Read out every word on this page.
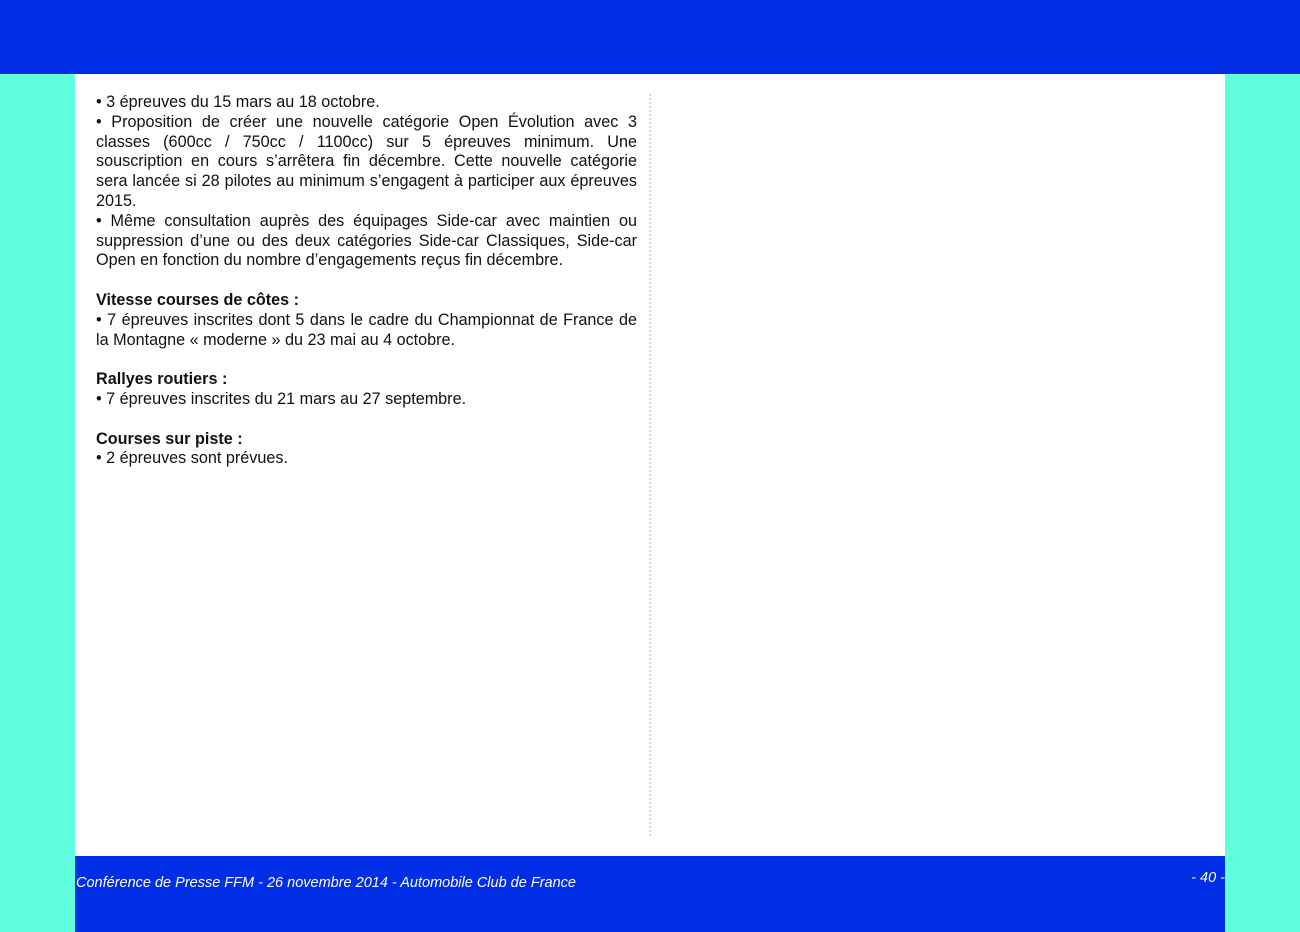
• 3 épreuves du 15 mars au 18 octobre.

• Proposition de créer une nouvelle catégorie Open Évolution avec 3 classes (600cc / 750cc / 1100cc) sur 5 épreuves minimum. Une souscription en cours s’arrêtera fin décembre. Cette nouvelle catégorie sera lancée si 28 pilotes au minimum s’engagent à participer aux épreuves 2015.

• Même consultation auprès des équipages Side-car avec maintien ou suppression d’une ou des deux catégories Side-car Classiques, Side-car Open en fonction du nombre d’engagements reçus fin décembre.

Vitesse courses de côtes :

• 7 épreuves inscrites dont 5 dans le cadre du Championnat de France de la Montagne « moderne » du 23 mai au 4 octobre.

Rallyes routiers :

• 7 épreuves inscrites du 21 mars au 27 septembre.

Courses sur piste :

• 2 épreuves sont prévues.

Conférence de Presse FFM - 26 novembre 2014 - Automobile Club de France	- 40 -
